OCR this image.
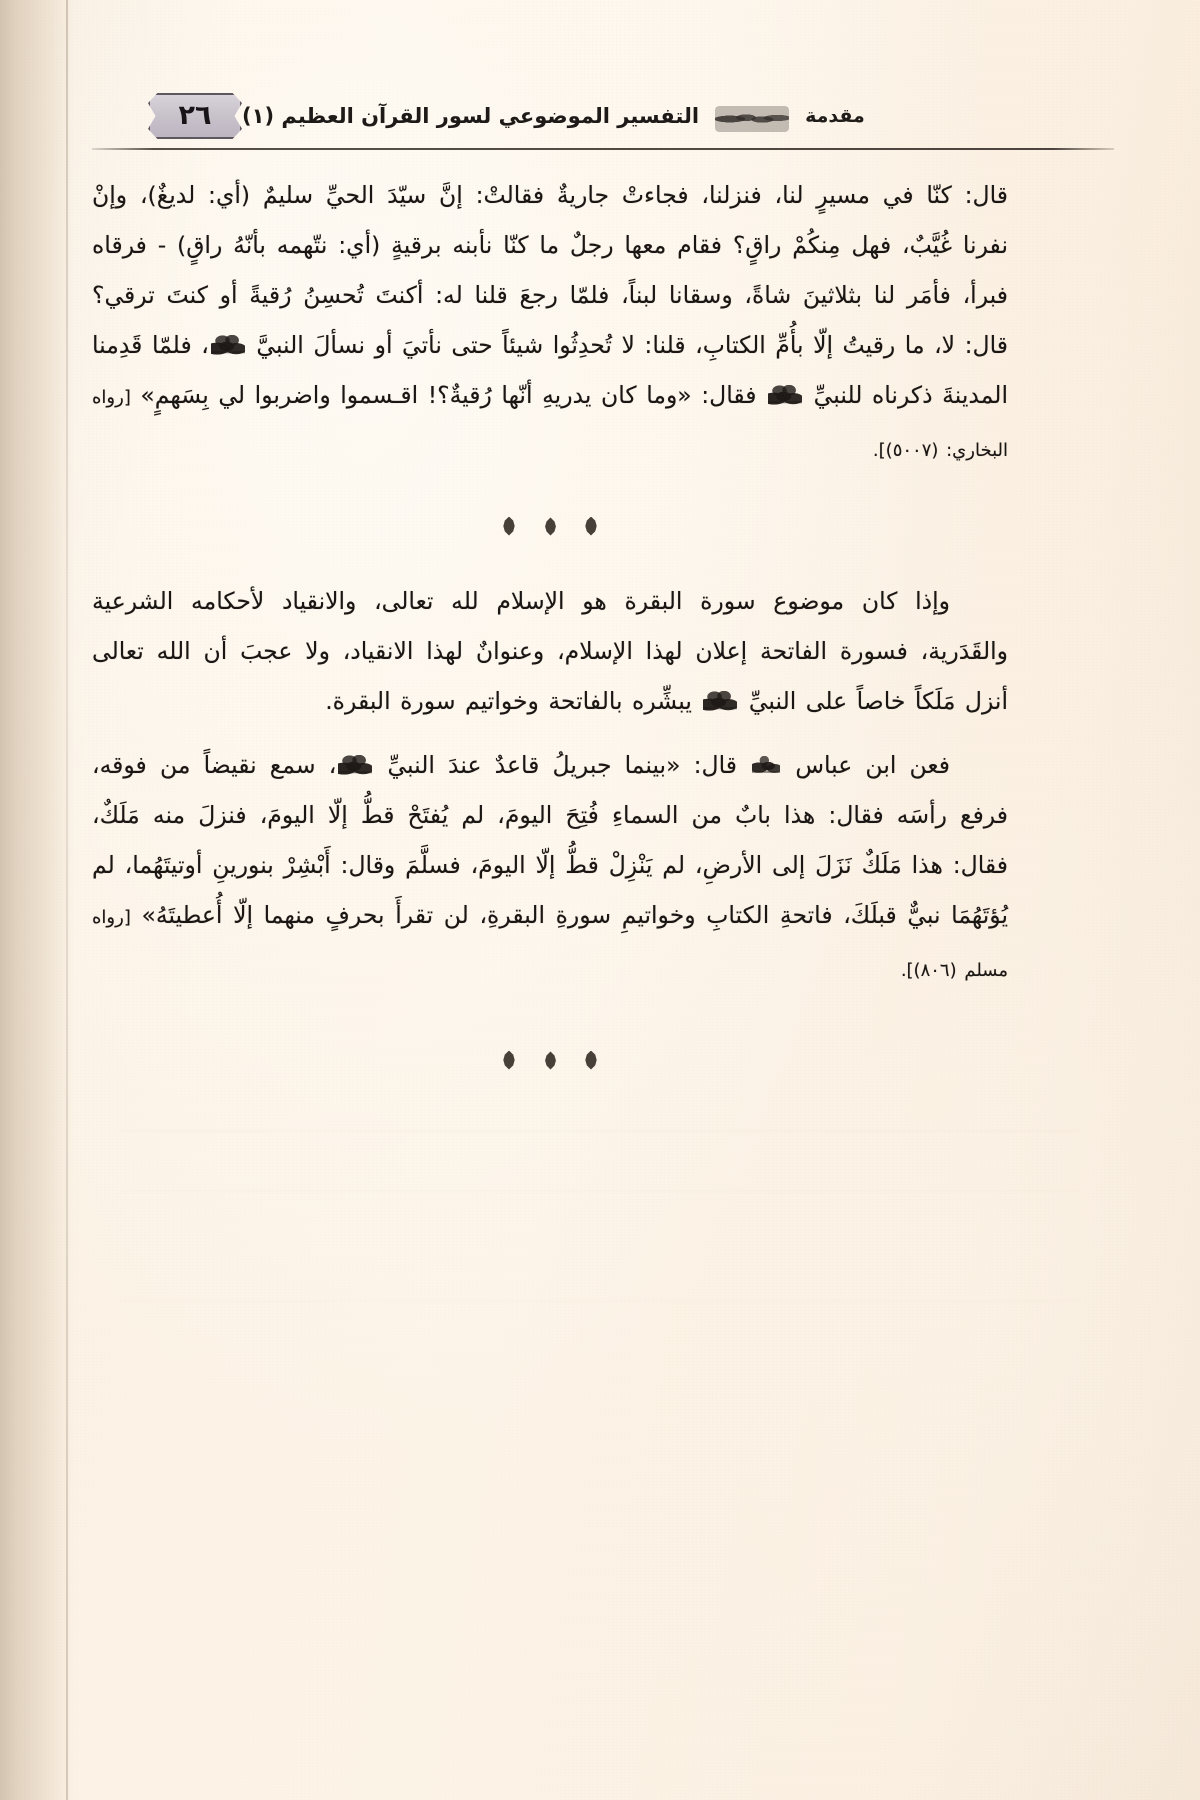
٢٦ التفسير الموضوعي لسور القرآن العظيم (١)	مقدمة

قال: كنّا في مسيرٍ لنا، فنزلنا، فجاءتْ جاريةٌ فقالتْ: إنَّ سيّدَ الحيِّ سليمٌ (أي: لديغٌ)، وإنْ نفرنا غُيَّبٌ، فهل مِنكُمْ راقٍ؟ فقام معها رجلٌ ما كنّا نأبنه برقيةٍ (أي: نتّهمه بأنّهُ راقٍ) - فرقاه فبرأ، فأمَر لنا بثلاثينَ شاةً، وسقانا لبناً، فلمّا رجعَ قلنا له: أكنتَ تُحسِنُ رُقيةً أو كنتَ ترقي؟ قال: لا، ما رقيتُ إلّا بأُمِّ الكتابِ، قلنا: لا تُحدِثُوا شيئاً حتى نأتيَ أو نسألَ النبيَّ ، فلمّا قَدِمنا المدينةَ ذكرناه للنبيِّ  فقال: «وما كان يدريهِ أنّها رُقيةٌ؟! اقـسموا واضربوا لي بِسَهمٍ» [رواه البخاري: (٥٠٠٧)].

وإذا كان موضوع سورة البقرة هو الإسلام لله تعالى، والانقياد لأحكامه الشرعية والقَدَرية، فسورة الفاتحة إعلان لهذا الإسلام، وعنوانٌ لهذا الانقياد، ولا عجبَ أن الله تعالى أنزل مَلَكاً خاصاً على النبيِّ  يبشِّره بالفاتحة وخواتيم سورة البقرة.

فعن ابن عباس  قال: «بينما جبريلُ قاعدٌ عندَ النبيِّ ، سمع نقيضاً من فوقه، فرفع رأسَه فقال: هذا بابٌ من السماءِ فُتِحَ اليومَ، لم يُفتَحْ قطُّ إلّا اليومَ، فنزلَ منه مَلَكٌ، فقال: هذا مَلَكٌ نَزَلَ إلى الأرضِ، لم يَنْزِلْ قطُّ إلّا اليومَ، فسلَّمَ وقال: أَبْشِرْ بنورينِ أوتيتَهُما، لم يُؤتَهُمَا نبيٌّ قبلَكَ، فاتحةِ الكتابِ وخواتيمِ سورةِ البقرةِ، لن تقرأَ بحرفٍ منهما إلّا أُعطيتَهُ» [رواه مسلم (٨٠٦)].
